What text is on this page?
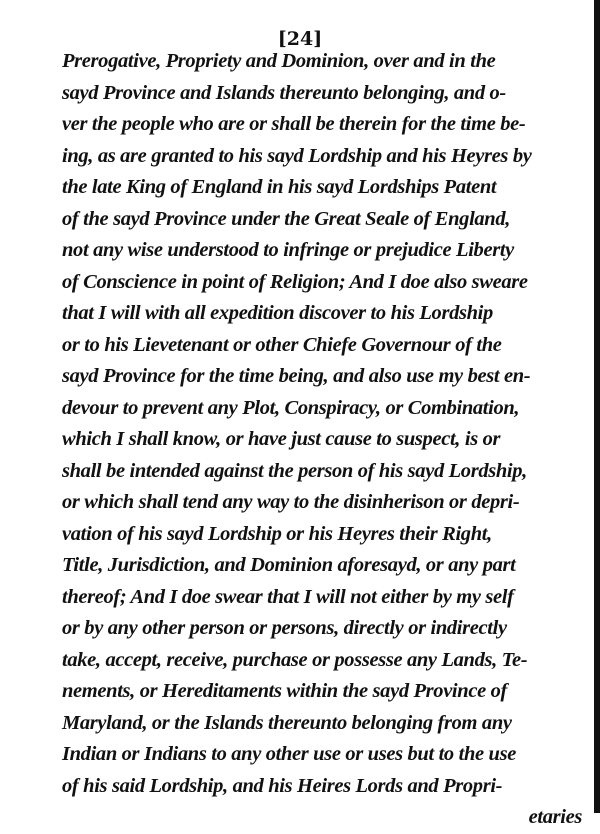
[24]

Prerogative, Propriety and Dominion, over and in the
sayd Province and Islands thereunto belonging, and o-
ver the people who are or shall be therein for the time be-
ing, as are granted to his sayd Lordship and his Heyres by
the late King of England in his sayd Lordships Patent
of the sayd Province under the Great Seale of England,
not any wise understood to infringe or prejudice Liberty
of Conscience in point of Religion; And I doe also sweare
that I will with all expedition discover to his Lordship
or to his Lievetenant or other Chiefe Governour of the
sayd Province for the time being, and also use my best en-
devour to prevent any Plot, Conspiracy, or Combination,
which I shall know, or have just cause to suspect, is or
shall be intended against the person of his sayd Lordship,
or which shall tend any way to the disinherison or depri-
vation of his sayd Lordship or his Heyres their Right,
Title, Jurisdiction, and Dominion aforesayd, or any part
thereof; And I doe swear that I will not either by my self
or by any other person or persons, directly or indirectly
take, accept, receive, purchase or possesse any Lands, Te-
nements, or Hereditaments within the sayd Province of
Maryland, or the Islands thereunto belonging from any
Indian or Indians to any other use or uses but to the use
of his said Lordship, and his Heires Lords and Propri-
etaries
